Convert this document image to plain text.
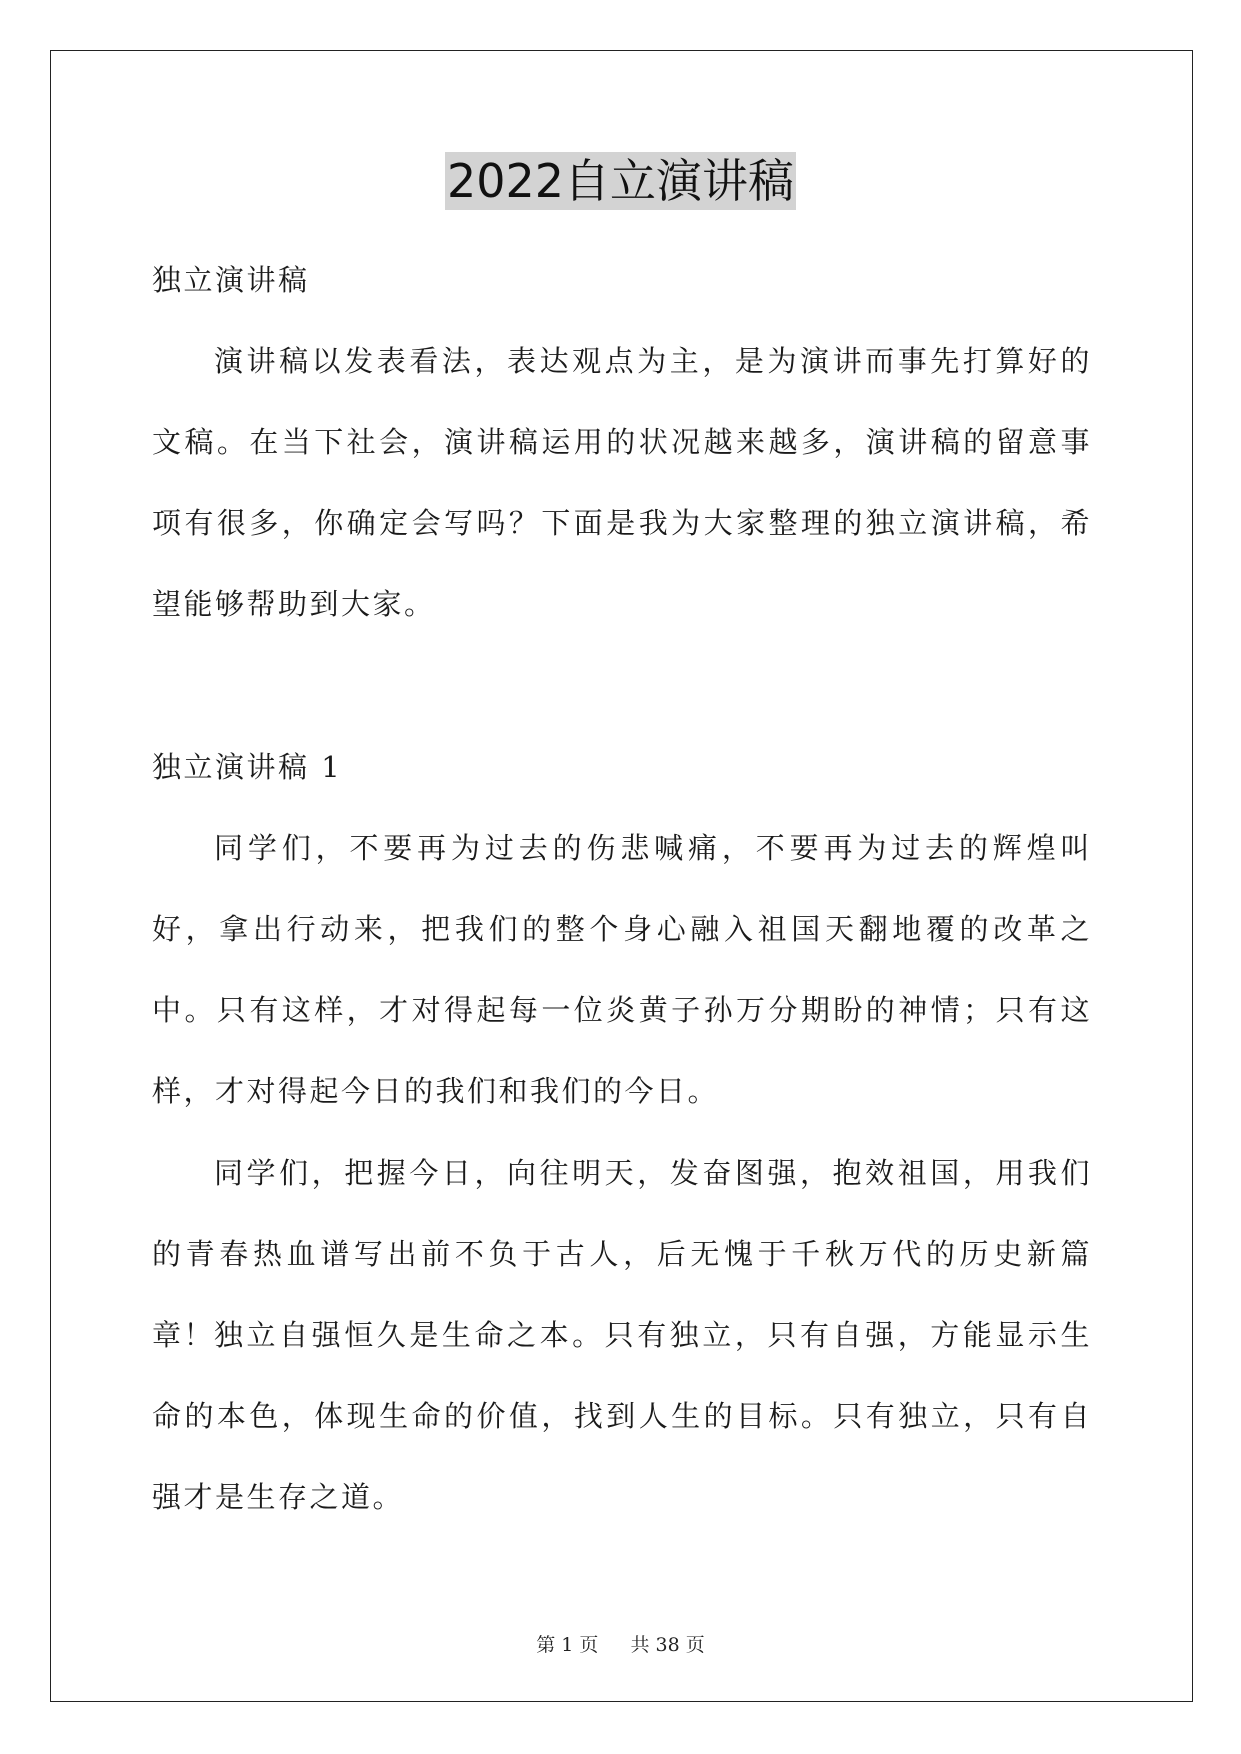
2022自立演讲稿

独立演讲稿

演讲稿以发表看法，表达观点为主，是为演讲而事先打算好的文稿。在当下社会，演讲稿运用的状况越来越多，演讲稿的留意事项有很多，你确定会写吗？下面是我为大家整理的独立演讲稿，希望能够帮助到大家。

独立演讲稿 1

同学们，不要再为过去的伤悲喊痛，不要再为过去的辉煌叫好，拿出行动来，把我们的整个身心融入祖国天翻地覆的改革之中。只有这样，才对得起每一位炎黄子孙万分期盼的神情；只有这样，才对得起今日的我们和我们的今日。

同学们，把握今日，向往明天，发奋图强，抱效祖国，用我们的青春热血谱写出前不负于古人，后无愧于千秋万代的历史新篇章！

独立自强恒久是生命之本。只有独立，只有自强，方能显示生命的本色，体现生命的价值，找到人生的目标。只有独立，只有自强才是生存之道。

第 1 页 共 38 页
